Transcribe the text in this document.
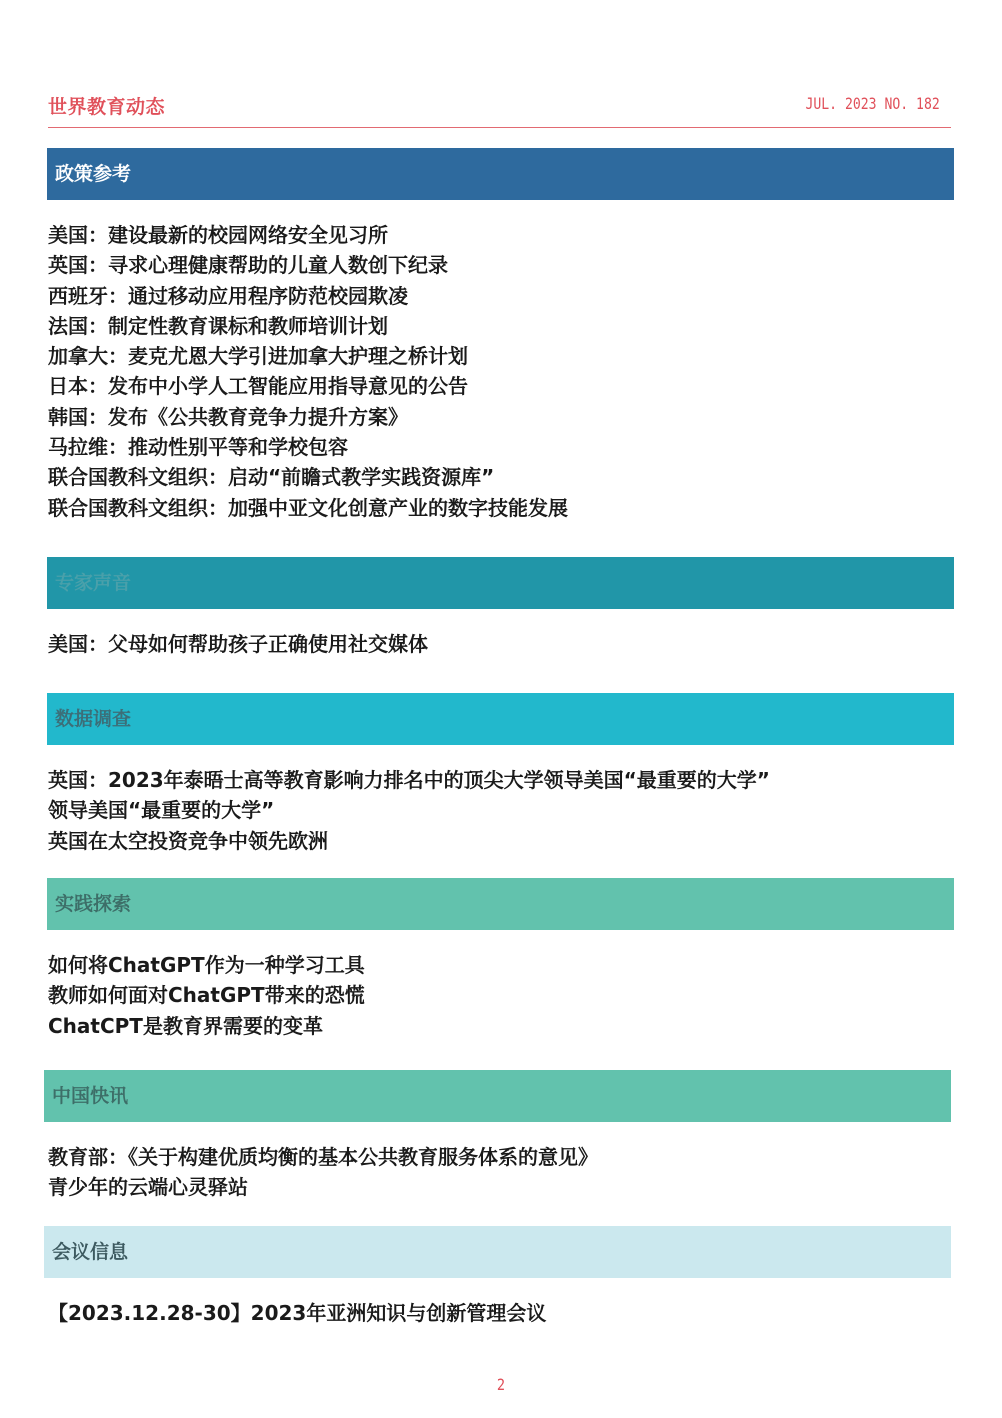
世界教育动态	JUL. 2023 NO. 182
政策参考
美国：建设最新的校园网络安全见习所
英国：寻求心理健康帮助的儿童人数创下纪录
西班牙：通过移动应用程序防范校园欺凌
法国：制定性教育课标和教师培训计划
加拿大：麦克尤恩大学引进加拿大护理之桥计划
日本：发布中小学人工智能应用指导意见的公告
韩国：发布《公共教育竞争力提升方案》
马拉维：推动性别平等和学校包容
联合国教科文组织：启动“前瞻式教学实践资源库”
联合国教科文组织：加强中亚文化创意产业的数字技能发展
专家声音
美国：父母如何帮助孩子正确使用社交媒体
数据调查
英国：2023年泰晤士高等教育影响力排名中的顶尖大学领导美国“最重要的大学”
领导美国“最重要的大学”
英国在太空投资竞争中领先欧洲
实践探索
如何将ChatGPT作为一种学习工具
教师如何面对ChatGPT带来的恐慌
ChatCPT是教育界需要的变革
中国快讯
教育部：《关于构建优质均衡的基本公共教育服务体系的意见》
青少年的云端心灵驿站
会议信息
【2023.12.28-30】2023年亚洲知识与创新管理会议
2
